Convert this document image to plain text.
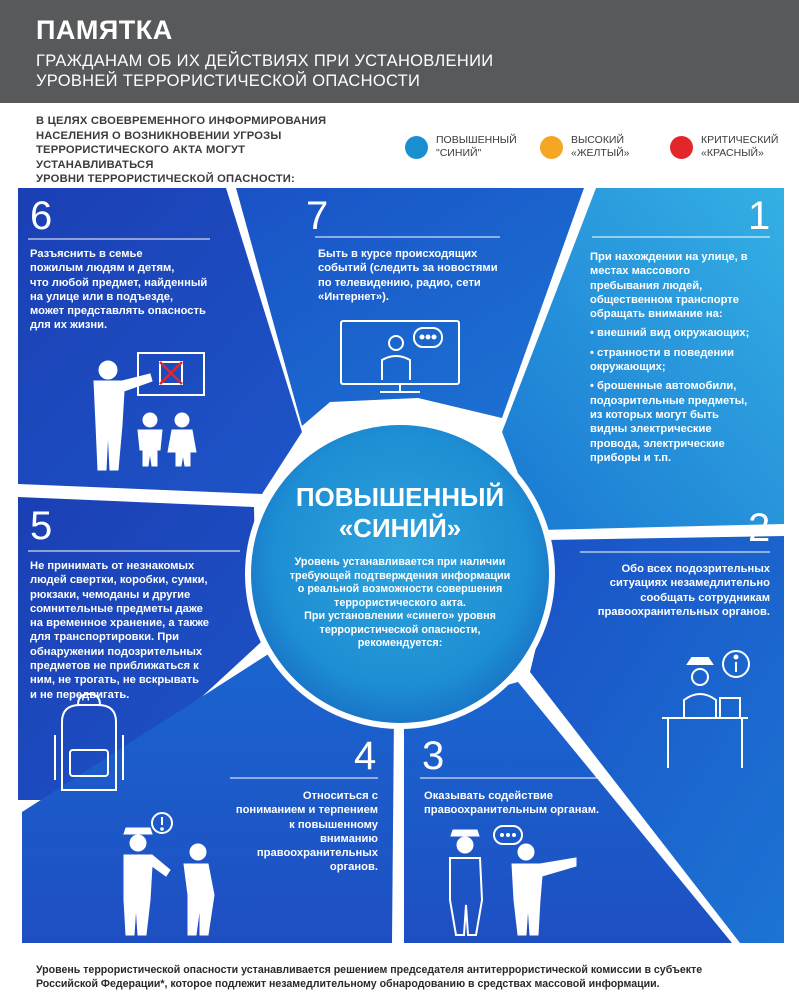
ПАМЯТКА
ГРАЖДАНАМ ОБ ИХ ДЕЙСТВИЯХ ПРИ УСТАНОВЛЕНИИ
УРОВНЕЙ ТЕРРОРИСТИЧЕСКОЙ ОПАСНОСТИ
В ЦЕЛЯХ СВОЕВРЕМЕННОГО ИНФОРМИРОВАНИЯ
НАСЕЛЕНИЯ О ВОЗНИКНОВЕНИИ УГРОЗЫ
ТЕРРОРИСТИЧЕСКОГО АКТА МОГУТ УСТАНАВЛИВАТЬСЯ
УРОВНИ ТЕРРОРИСТИЧЕСКОЙ ОПАСНОСТИ:
ПОВЫШЕННЫЙ
"СИНИЙ"
ВЫСОКИЙ
«ЖЕЛТЫЙ»
КРИТИЧЕСКИЙ
«КРАСНЫЙ»
6
Разъяснить в семье
пожилым людям и детям,
что любой предмет, найденный
на улице или в подъезде,
может представлять опасность
для их жизни.
7
Быть в курсе происходящих
событий (следить за новостями
по телевидению, радио, сети
«Интернет»).
1

При нахождении на улице, в
местах массового
пребывания людей,
общественном транспорте
обращать внимание на:

• внешний вид окружающих;

• странности в поведении
окружающих;

• брошенные автомобили,
подозрительные предметы,
из которых могут быть
видны электрические
провода, электрические
приборы и т.п.

5
Не принимать от незнакомых
людей свертки, коробки, сумки,
рюкзаки, чемоданы и другие
сомнительные предметы даже
на временное хранение, а также
для транспортировки. При
обнаружении подозрительных
предметов не приближаться к
ним, не трогать, не вскрывать
и не передвигать.
2
Обо всех подозрительных
ситуациях незамедлительно
сообщать сотрудникам
правоохранительных органов.
4
Относиться с
пониманием и терпением
к повышенному
вниманию
правоохранительных
органов.
3
Оказывать содействие
правоохранительным органам.
ПОВЫШЕННЫЙ
«СИНИЙ»
Уровень устанавливается при наличии
требующей подтверждения информации
о реальной возможности совершения
террористического акта.
При установлении «синего» уровня
террористической опасности,
рекомендуется:
Уровень террористической опасности устанавливается решением председателя антитеррористической комиссии в субъекте
Российской Федерации*, которое подлежит незамедлительному обнародованию в средствах массовой информации.
